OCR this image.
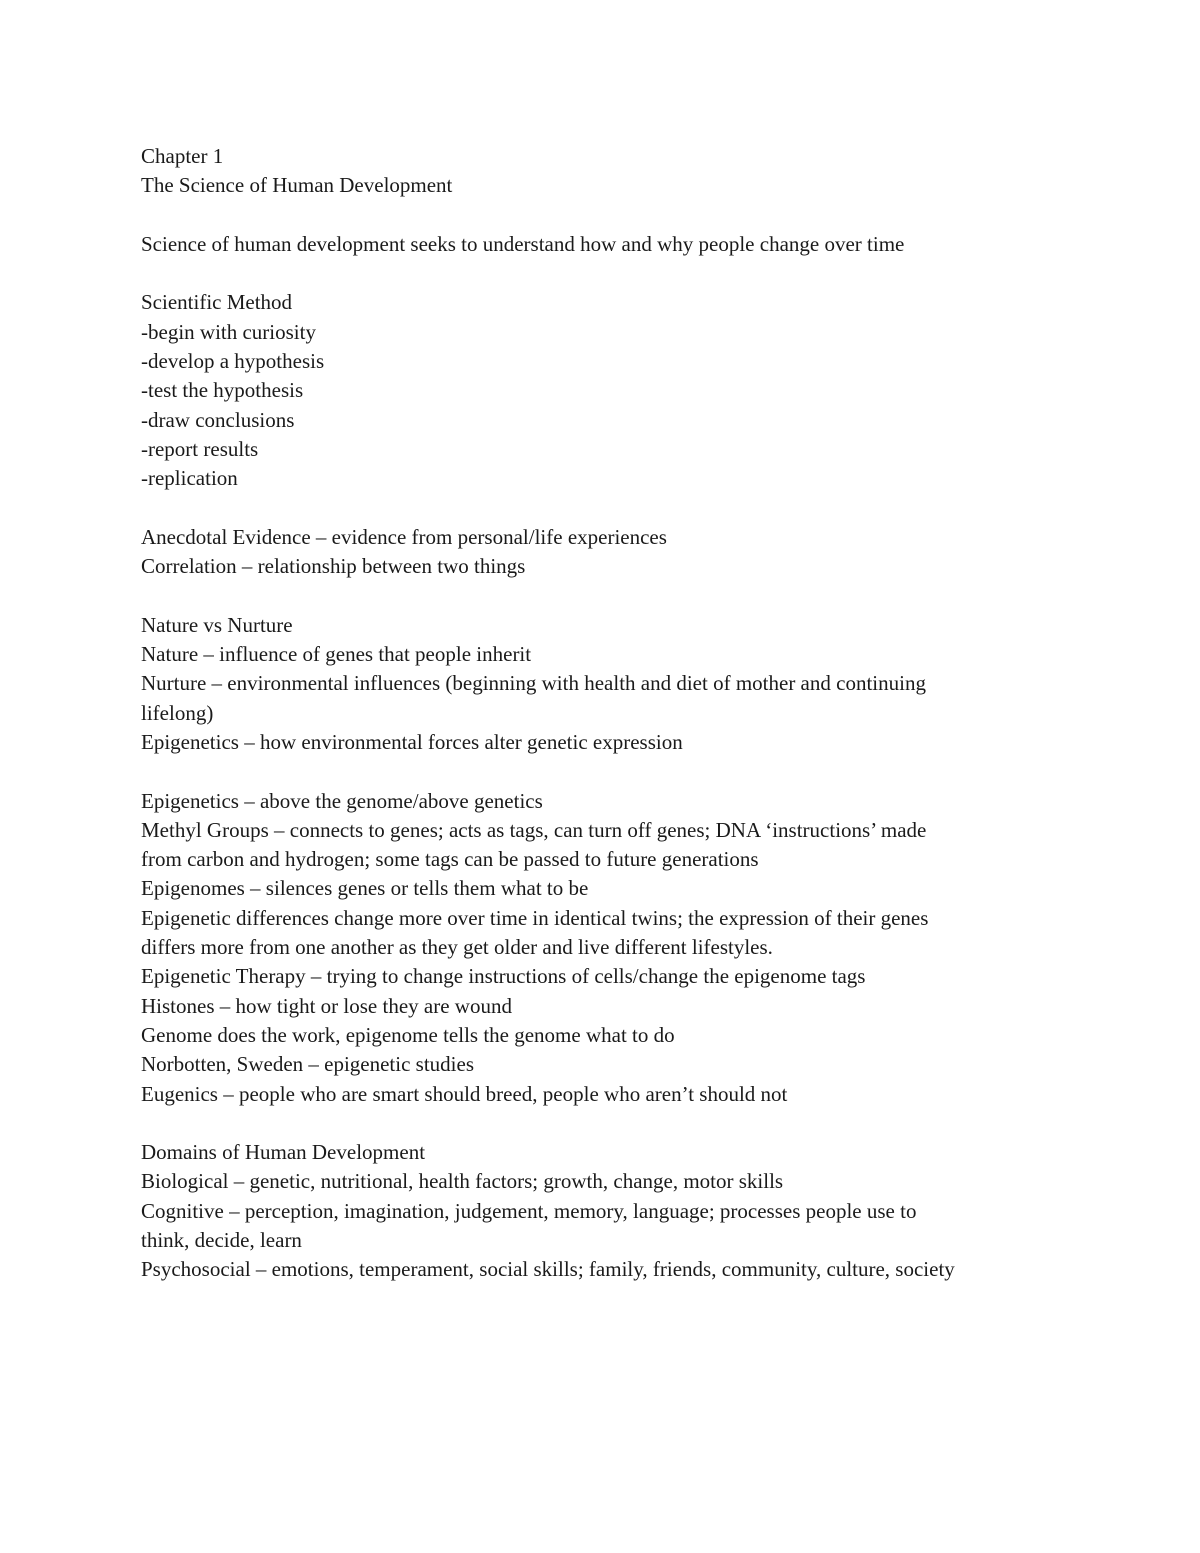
Chapter 1
The Science of Human Development
Science of human development seeks to understand how and why people change over time
Scientific Method
-begin with curiosity
-develop a hypothesis
-test the hypothesis
-draw conclusions
-report results
-replication
Anecdotal Evidence – evidence from personal/life experiences
Correlation – relationship between two things
Nature vs Nurture
Nature – influence of genes that people inherit
Nurture – environmental influences (beginning with health and diet of mother and continuing
lifelong)
Epigenetics – how environmental forces alter genetic expression
Epigenetics – above the genome/above genetics
Methyl Groups – connects to genes; acts as tags, can turn off genes; DNA ‘instructions’ made
from carbon and hydrogen; some tags can be passed to future generations
Epigenomes – silences genes or tells them what to be
Epigenetic differences change more over time in identical twins; the expression of their genes
differs more from one another as they get older and live different lifestyles.
Epigenetic Therapy – trying to change instructions of cells/change the epigenome tags
Histones – how tight or lose they are wound
Genome does the work, epigenome tells the genome what to do
Norbotten, Sweden – epigenetic studies
Eugenics – people who are smart should breed, people who aren’t should not
Domains of Human Development
Biological – genetic, nutritional, health factors; growth, change, motor skills
Cognitive – perception, imagination, judgement, memory, language; processes people use to
think, decide, learn
Psychosocial – emotions, temperament, social skills; family, friends, community, culture, society
